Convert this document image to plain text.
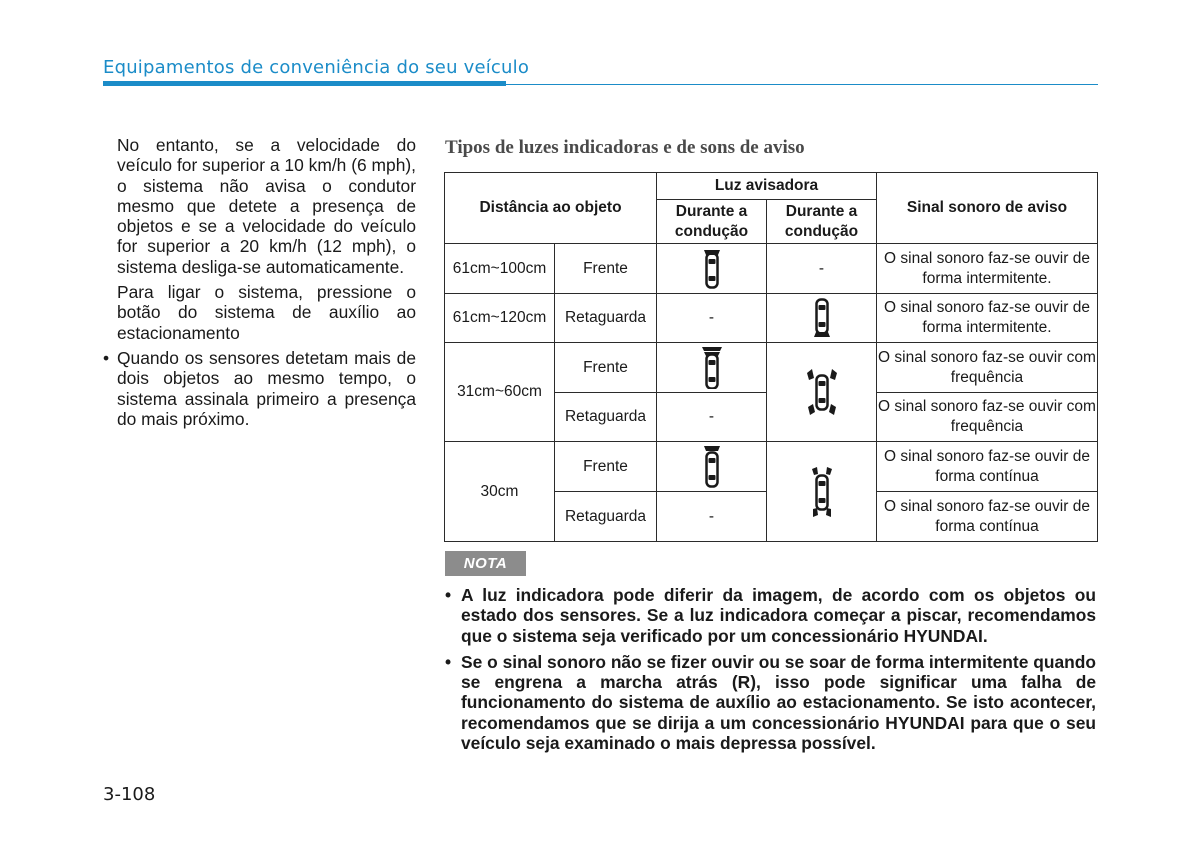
Equipamentos de conveniência do seu veículo

No entanto, se a velocidade do veículo for superior a 10 km/h (6 mph), o sistema não avisa o condutor mesmo que detete a presença de objetos e se a velocidade do veículo for superior a 20 km/h (12 mph), o sistema desliga-se automaticamente.

Para ligar o sistema, pressione o botão do sistema de auxílio ao estacionamento

• Quando os sensores detetam mais de dois objetos ao mesmo tempo, o sistema assinala primeiro a presença do mais próximo.
Tipos de luzes indicadoras e de sons de aviso
Distância ao objeto		Luz avisadora		Sinal sonoro de aviso
		Durante a condução	Durante a condução	
61cm~100cm	Frente		-	O sinal sonoro faz-se ouvir de forma intermitente.
61cm~120cm	Retaguarda	-		O sinal sonoro faz-se ouvir de forma intermitente.
31cm~60cm	Frente			O sinal sonoro faz-se ouvir com frequência
	Retaguarda	-		O sinal sonoro faz-se ouvir com frequência
30cm	Frente			O sinal sonoro faz-se ouvir de forma contínua
	Retaguarda	-		O sinal sonoro faz-se ouvir de forma contínua
NOTA
• A luz indicadora pode diferir da imagem, de acordo com os objetos ou estado dos sensores. Se a luz indicadora começar a piscar, recomendamos que o sistema seja verificado por um concessionário HYUNDAI.
• Se o sinal sonoro não se fizer ouvir ou se soar de forma intermitente quando se engrena a marcha atrás (R), isso pode significar uma falha de funcionamento do sistema de auxílio ao estacionamento. Se isto acontecer, recomendamos que se dirija a um concessionário HYUNDAI para que o seu veículo seja examinado o mais depressa possível.
3-108
